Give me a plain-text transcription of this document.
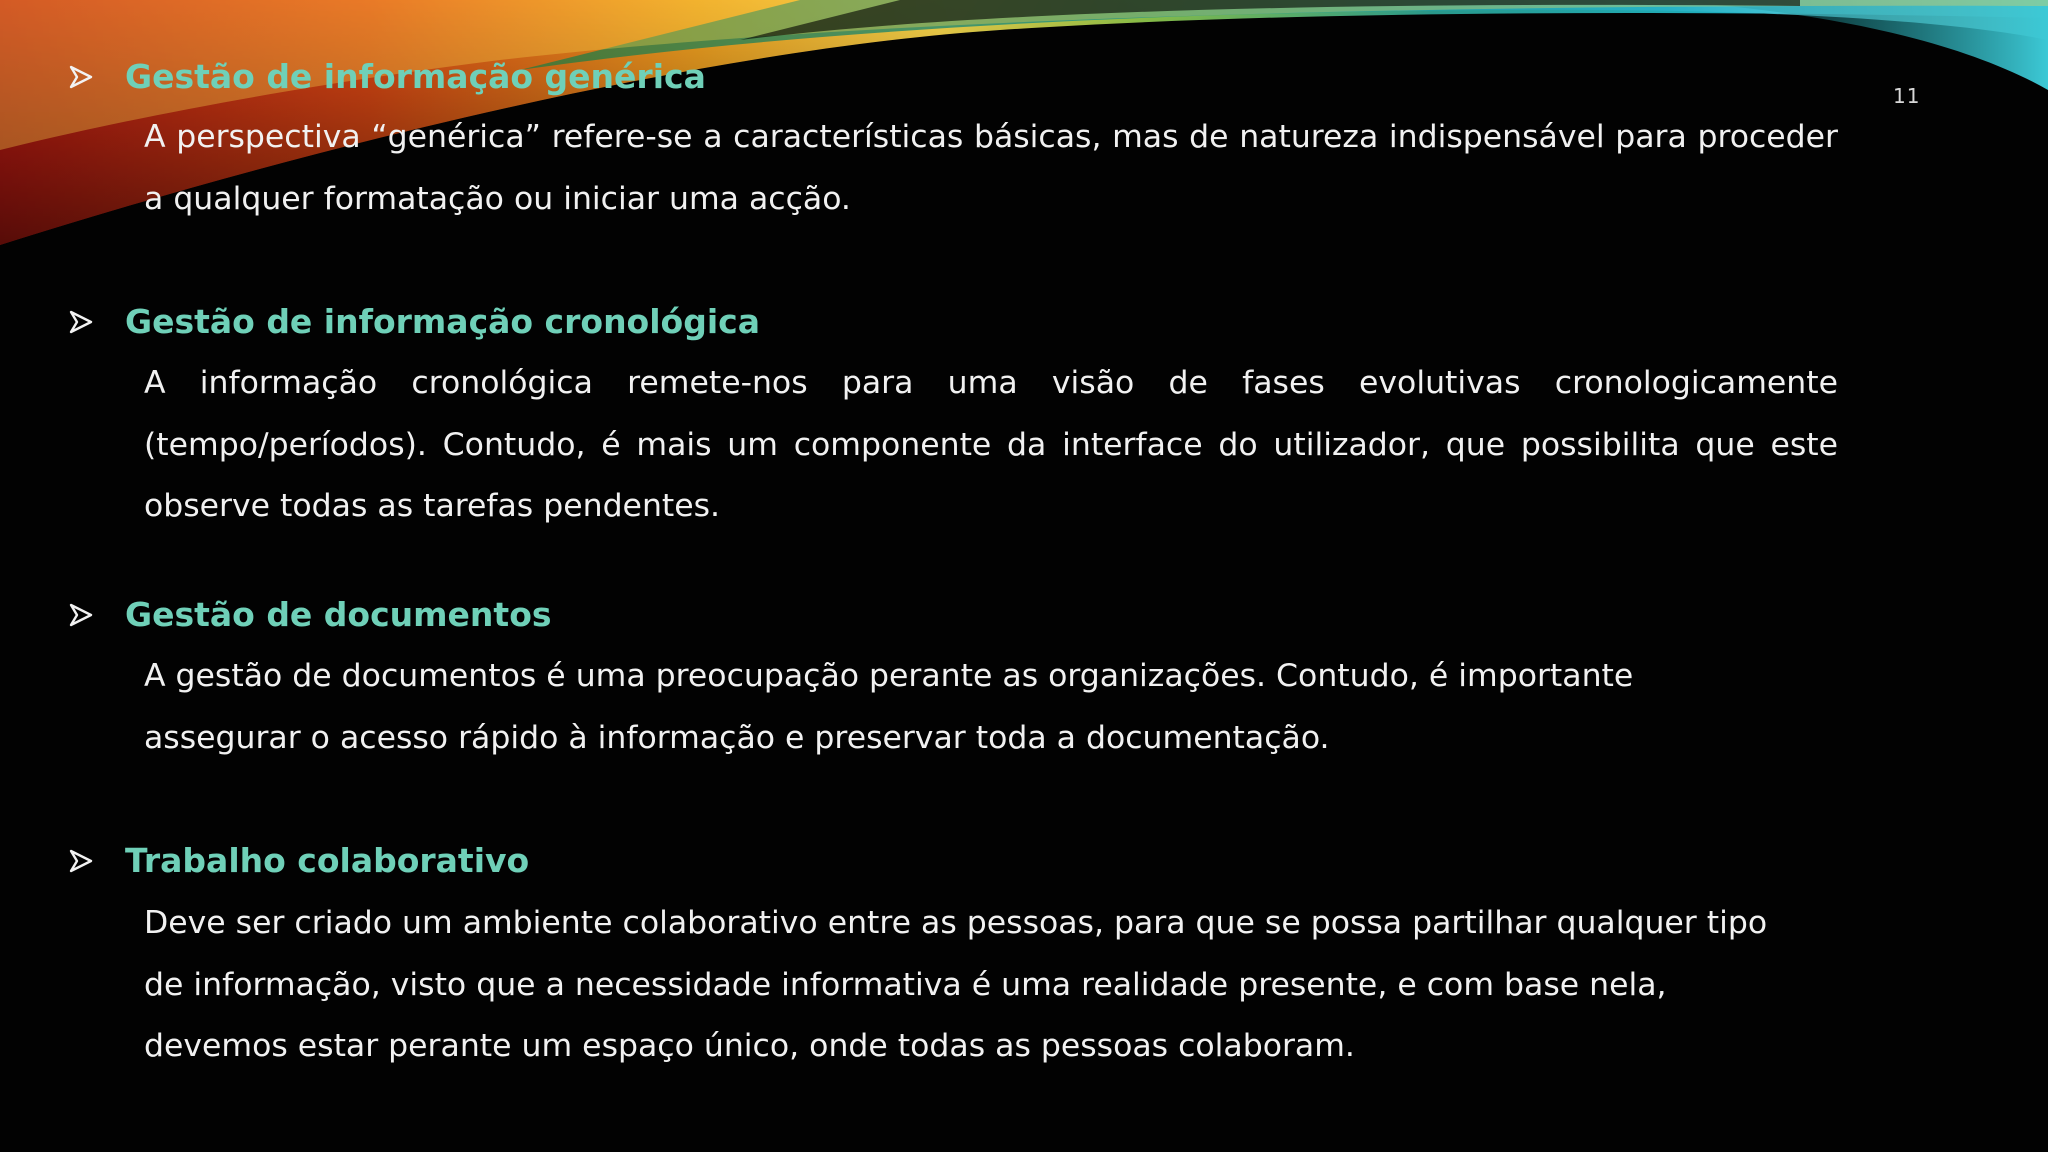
11
Gestão de informação genérica

A perspectiva “genérica” refere-se a características básicas, mas de natureza indispensável para proceder a qualquer formatação ou iniciar uma acção.

Gestão de informação cronológica

A informação cronológica remete-nos para uma visão de fases evolutivas cronologicamente (tempo/períodos). Contudo, é mais um componente da interface do utilizador, que possibilita que este observe todas as tarefas pendentes.

Gestão de documentos

A gestão de documentos é uma preocupação perante as organizações. Contudo, é importante assegurar o acesso rápido à informação e preservar toda a documentação.

Trabalho colaborativo

Deve ser criado um ambiente colaborativo entre as pessoas, para que se possa partilhar qualquer tipo de informação, visto que a necessidade informativa é uma realidade presente, e com base nela, devemos estar perante um espaço único, onde todas as pessoas colaboram.
